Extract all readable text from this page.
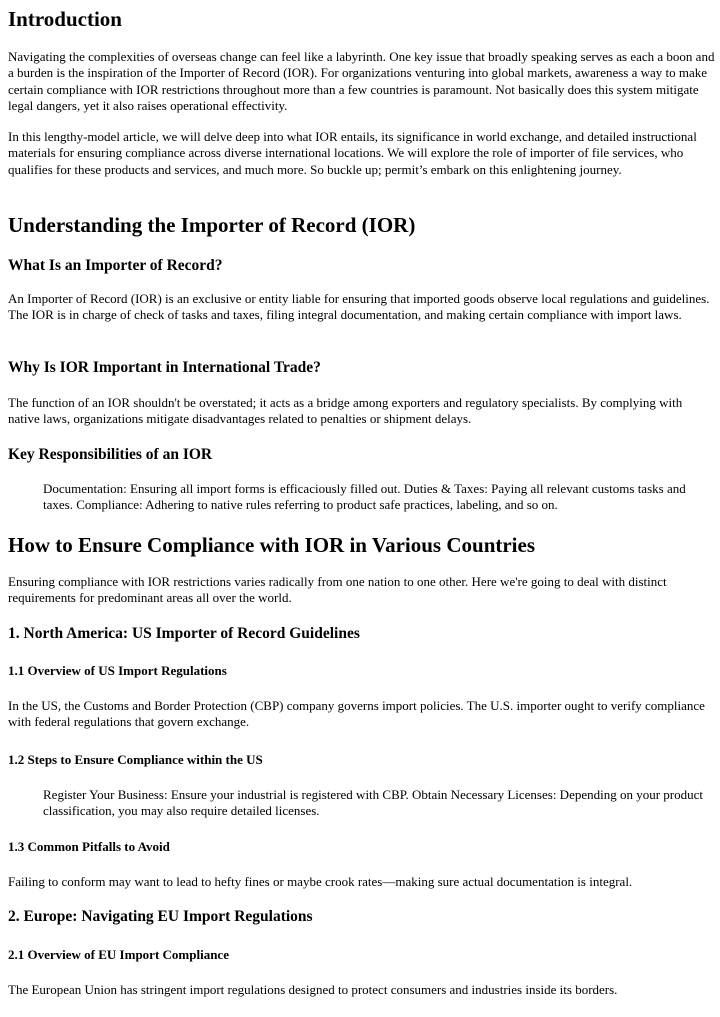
Introduction

Navigating the complexities of overseas change can feel like a labyrinth. One key issue that broadly speaking serves as each a boon and a burden is the inspiration of the Importer of Record (IOR). For organizations venturing into global markets, awareness a way to make certain compliance with IOR restrictions throughout more than a few countries is paramount. Not basically does this system mitigate legal dangers, yet it also raises operational effectivity.

In this lengthy-model article, we will delve deep into what IOR entails, its significance in world exchange, and detailed instructional materials for ensuring compliance across diverse international locations. We will explore the role of importer of file services, who qualifies for these products and services, and much more. So buckle up; permit’s embark on this enlightening journey.

Understanding the Importer of Record (IOR)
What Is an Importer of Record?

An Importer of Record (IOR) is an exclusive or entity liable for ensuring that imported goods observe local regulations and guidelines. The IOR is in charge of check of tasks and taxes, filing integral documentation, and making certain compliance with import laws.

Why Is IOR Important in International Trade?

The function of an IOR shouldn't be overstated; it acts as a bridge among exporters and regulatory specialists. By complying with native laws, organizations mitigate disadvantages related to penalties or shipment delays.

Key Responsibilities of an IOR

Documentation: Ensuring all import forms is efficaciously filled out. Duties & Taxes: Paying all relevant customs tasks and taxes. Compliance: Adhering to native rules referring to product safe practices, labeling, and so on.

How to Ensure Compliance with IOR in Various Countries

Ensuring compliance with IOR restrictions varies radically from one nation to one other. Here we're going to deal with distinct requirements for predominant areas all over the world.

1. North America: US Importer of Record Guidelines
1.1 Overview of US Import Regulations

In the US, the Customs and Border Protection (CBP) company governs import policies. The U.S. importer ought to verify compliance with federal regulations that govern exchange.

1.2 Steps to Ensure Compliance within the US

Register Your Business: Ensure your industrial is registered with CBP. Obtain Necessary Licenses: Depending on your product classification, you may also require detailed licenses.

1.3 Common Pitfalls to Avoid

Failing to conform may want to lead to hefty fines or maybe crook rates—making sure actual documentation is integral.

2. Europe: Navigating EU Import Regulations
2.1 Overview of EU Import Compliance

The European Union has stringent import regulations designed to protect consumers and industries inside its borders.
